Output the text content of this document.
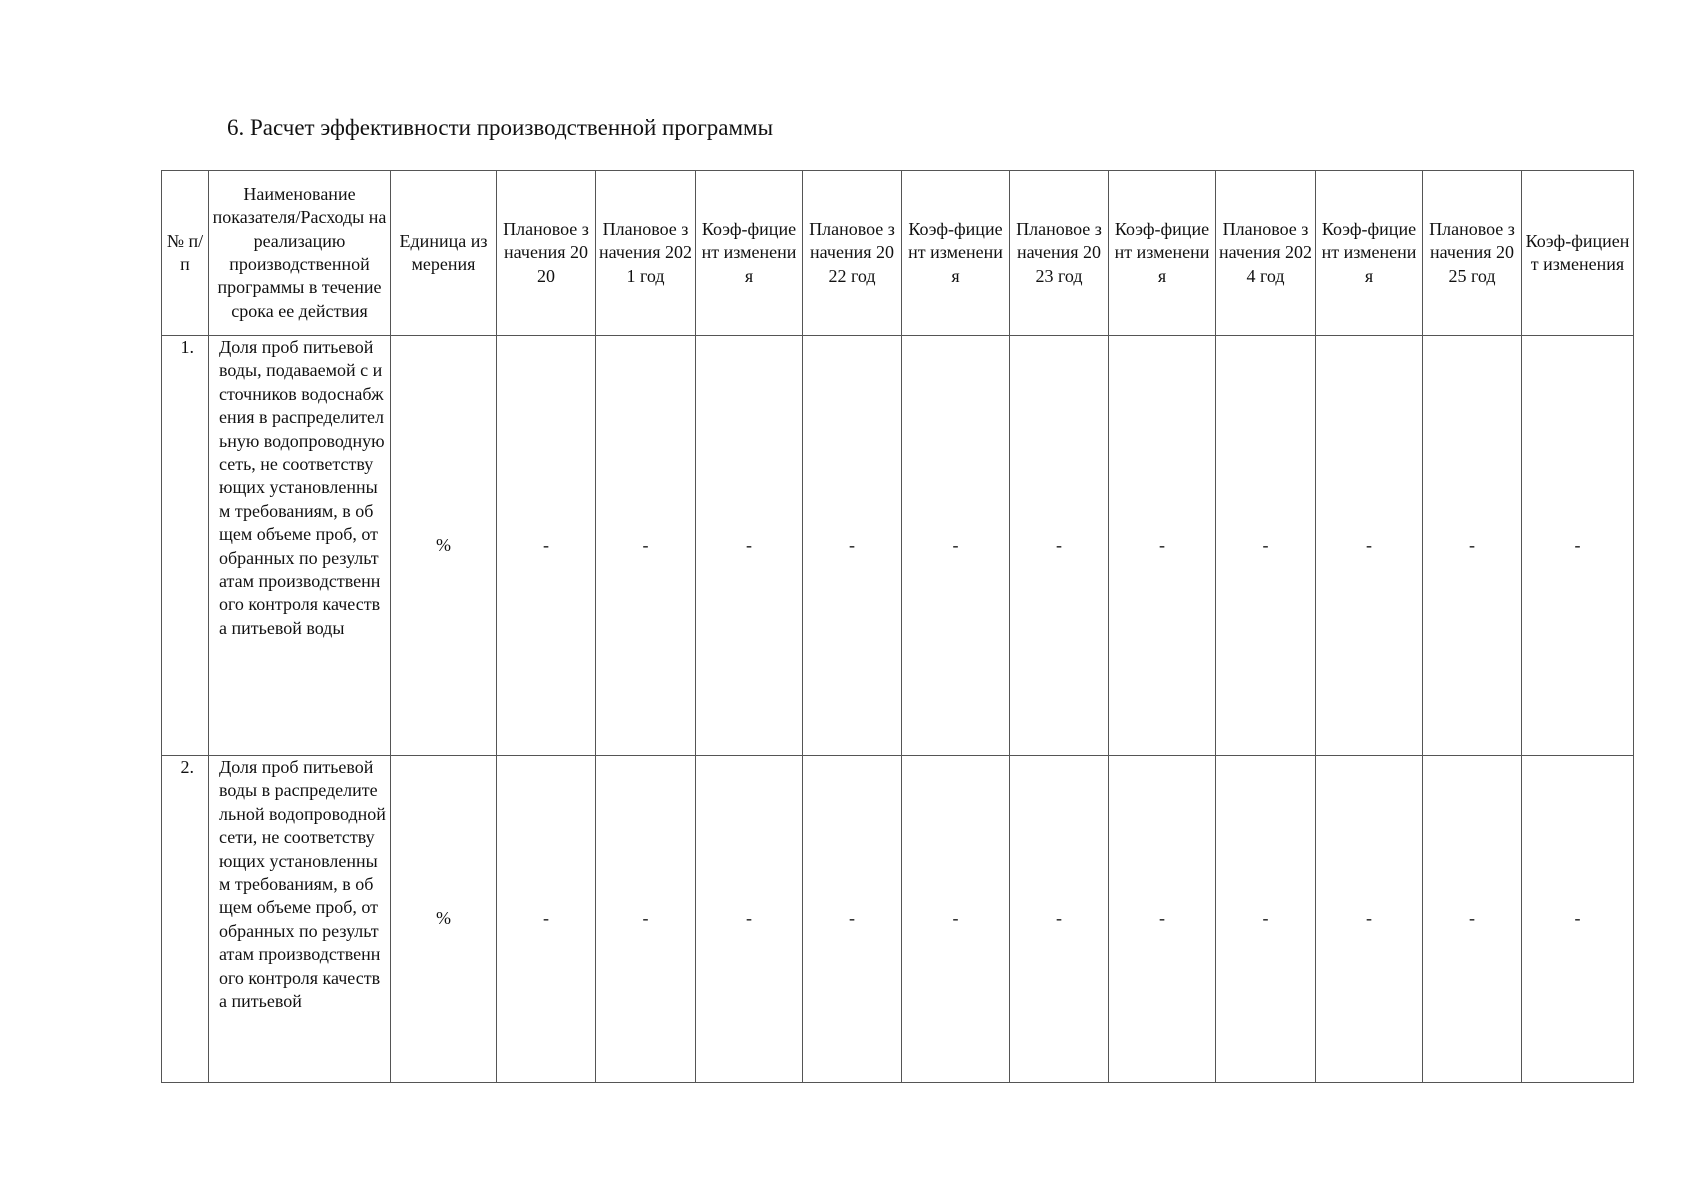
6. Расчет эффективности производственной программы
№ п/п	Наименование показателя/Расходы на реализацию производственной программы в течение срока ее действия	Единица измерения	Плановое значения 2020	Плановое значения 2021 год	Коэф-фициент изменения	Плановое значения 2022 год	Коэф-фициент изменения	Плановое значения 2023 год	Коэф-фициент изменения	Плановое значения 2024 год	Коэф-фициент изменения	Плановое значения 2025 год	Коэф-фициент изменения
1.	Доля проб питьевой воды, подаваемой с источников водоснабжения в распределительную водопроводную сеть, не соответствующих установленным требованиям, в общем объеме проб, отобранных по результатам производственного контроля качества питьевой воды	%	-	-	-	-	-	-	-	-	-	-	-
2.	Доля проб питьевой воды в распределительной водопроводной сети, не соответствующих установленным требованиям, в общем объеме проб, отобранных по результатам производственного контроля качества питьевой	%	-	-	-	-	-	-	-	-	-	-	-
